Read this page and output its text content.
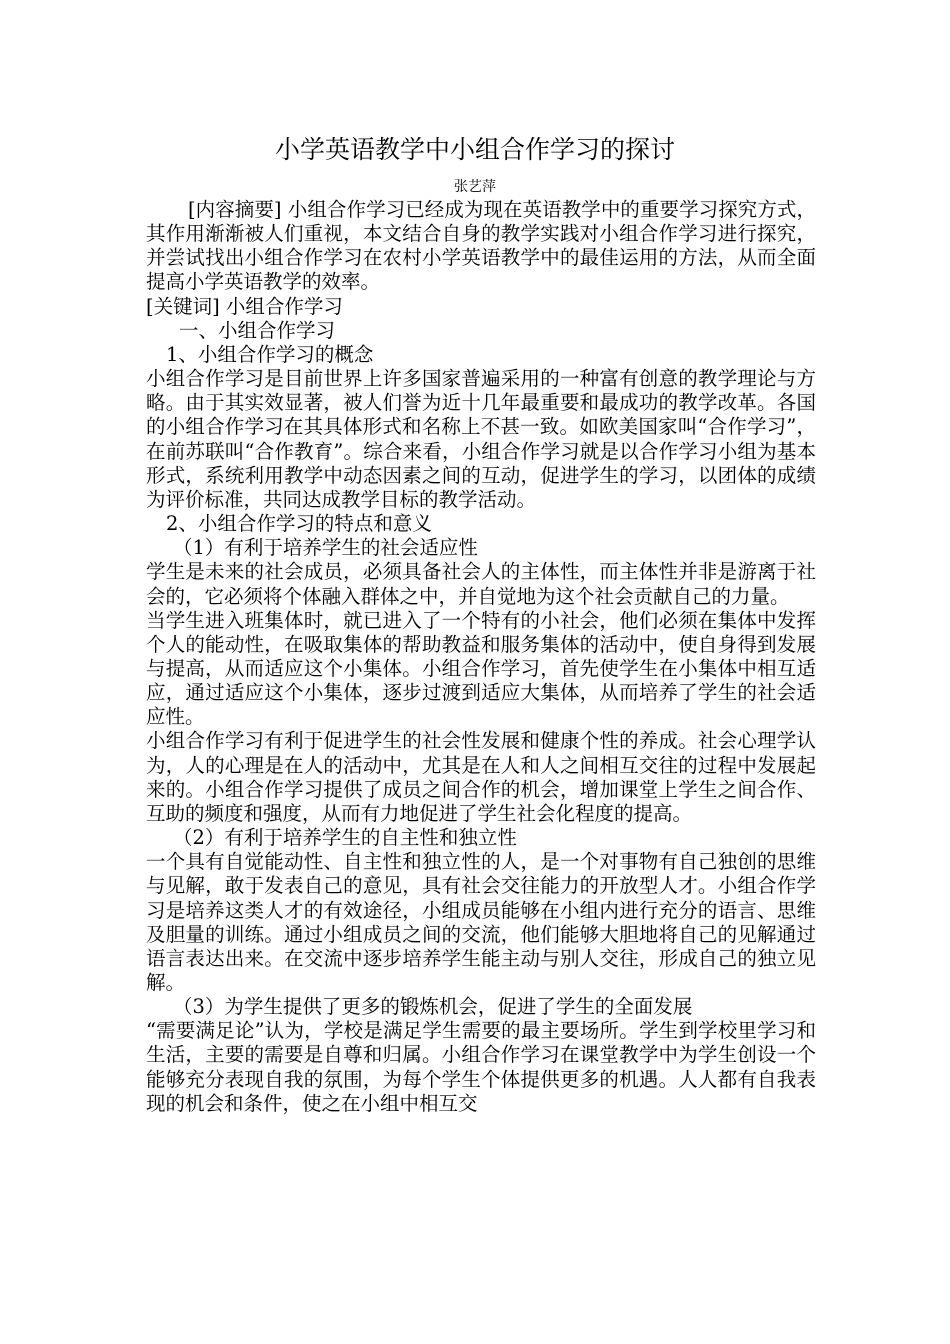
小学英语教学中小组合作学习的探讨
张艺萍

[内容摘要] 小组合作学习已经成为现在英语教学中的重要学习探究方式，其作用渐渐被人们重视，本文结合自身的教学实践对小组合作学习进行探究，并尝试找出小组合作学习在农村小学英语教学中的最佳运用的方法，从而全面提高小学英语教学的效率。

[关键词] 小组合作学习

一、小组合作学习

1、小组合作学习的概念

小组合作学习是目前世界上许多国家普遍采用的一种富有创意的教学理论与方略。由于其实效显著，被人们誉为近十几年最重要和最成功的教学改革。各国的小组合作学习在其具体形式和名称上不甚一致。如欧美国家叫“合作学习”，在前苏联叫“合作教育”。综合来看，小组合作学习就是以合作学习小组为基本形式，系统利用教学中动态因素之间的互动，促进学生的学习，以团体的成绩为评价标准，共同达成教学目标的教学活动。

2、小组合作学习的特点和意义

（1）有利于培养学生的社会适应性

学生是未来的社会成员，必须具备社会人的主体性，而主体性并非是游离于社会的，它必须将个体融入群体之中，并自觉地为这个社会贡献自己的力量。

当学生进入班集体时，就已进入了一个特有的小社会，他们必须在集体中发挥个人的能动性，在吸取集体的帮助教益和服务集体的活动中，使自身得到发展与提高，从而适应这个小集体。小组合作学习，首先使学生在小集体中相互适应，通过适应这个小集体，逐步过渡到适应大集体，从而培养了学生的社会适应性。

小组合作学习有利于促进学生的社会性发展和健康个性的养成。社会心理学认为，人的心理是在人的活动中，尤其是在人和人之间相互交往的过程中发展起来的。小组合作学习提供了成员之间合作的机会，增加课堂上学生之间合作、互助的频度和强度，从而有力地促进了学生社会化程度的提高。

（2）有利于培养学生的自主性和独立性

一个具有自觉能动性、自主性和独立性的人，是一个对事物有自己独创的思维与见解，敢于发表自己的意见，具有社会交往能力的开放型人才。小组合作学习是培养这类人才的有效途径，小组成员能够在小组内进行充分的语言、思维及胆量的训练。通过小组成员之间的交流，他们能够大胆地将自己的见解通过语言表达出来。在交流中逐步培养学生能主动与别人交往，形成自己的独立见解。

（3）为学生提供了更多的锻炼机会，促进了学生的全面发展

“需要满足论”认为，学校是满足学生需要的最主要场所。学生到学校里学习和生活，主要的需要是自尊和归属。小组合作学习在课堂教学中为学生创设一个能够充分表现自我的氛围，为每个学生个体提供更多的机遇。人人都有自我表现的机会和条件，使之在小组中相互交
